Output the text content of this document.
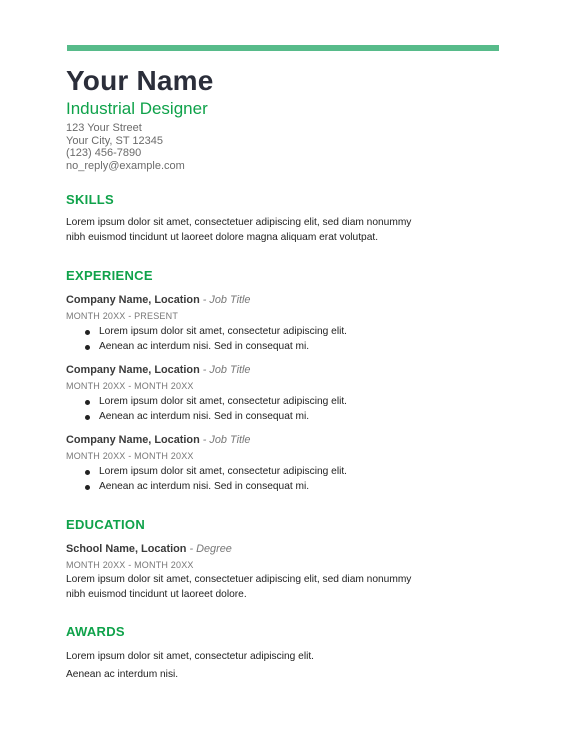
Your Name
Industrial Designer
123 Your Street
Your City, ST 12345
(123) 456-7890
no_reply@example.com
SKILLS
Lorem ipsum dolor sit amet, consectetuer adipiscing elit, sed diam nonummy
nibh euismod tincidunt ut laoreet dolore magna aliquam erat volutpat.
EXPERIENCE
Company Name, Location - Job Title
MONTH 20XX - PRESENT
Lorem ipsum dolor sit amet, consectetur adipiscing elit.
Aenean ac interdum nisi. Sed in consequat mi.
Company Name, Location - Job Title
MONTH 20XX - MONTH 20XX
Lorem ipsum dolor sit amet, consectetur adipiscing elit.
Aenean ac interdum nisi. Sed in consequat mi.
Company Name, Location - Job Title
MONTH 20XX - MONTH 20XX
Lorem ipsum dolor sit amet, consectetur adipiscing elit.
Aenean ac interdum nisi. Sed in consequat mi.
EDUCATION
School Name, Location - Degree
MONTH 20XX - MONTH 20XX
Lorem ipsum dolor sit amet, consectetuer adipiscing elit, sed diam nonummy
nibh euismod tincidunt ut laoreet dolore.
AWARDS
Lorem ipsum dolor sit amet, consectetur adipiscing elit.
Aenean ac interdum nisi.
